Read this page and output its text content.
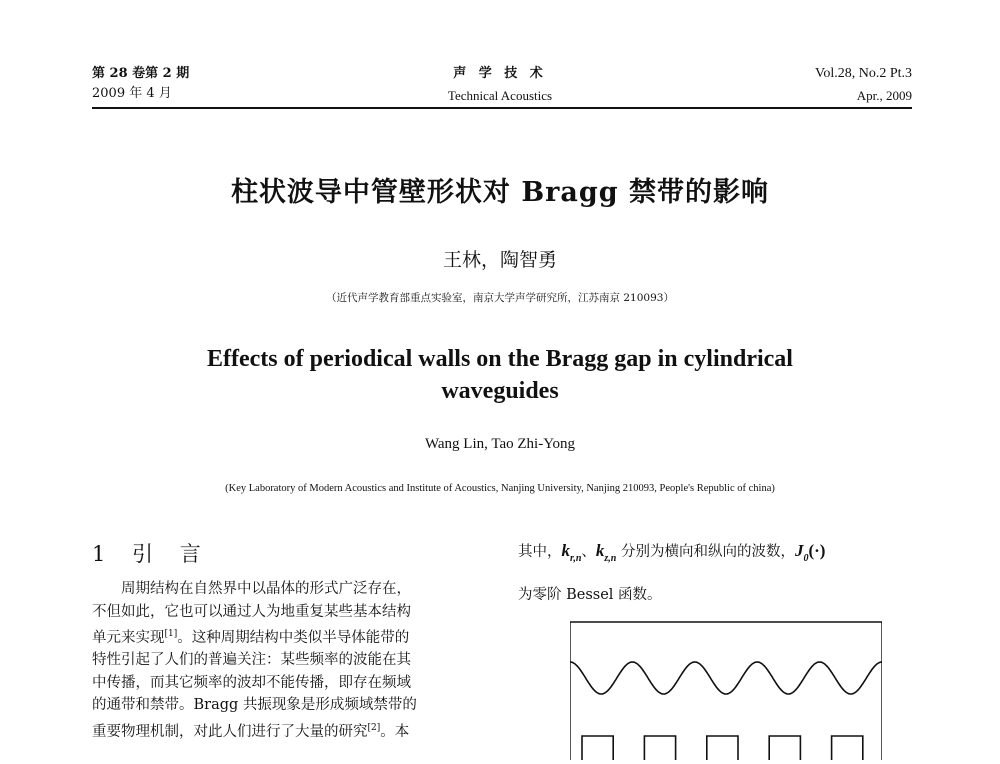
第 28 卷第 2 期
2009 年 4 月
声 学 技 术
Technical Acoustics
Vol.28, No.2 Pt.3
Apr., 2009
柱状波导中管壁形状对 Bragg 禁带的影响
王林，陶智勇
（近代声学教育部重点实验室，南京大学声学研究所，江苏南京 210093）
Effects of periodical walls on the Bragg gap in cylindrical
waveguides
Wang Lin, Tao Zhi-Yong
(Key Laboratory of Modern Acoustics and Institute of Acoustics, Nanjing University, Nanjing 210093, People's Republic of china)
1 引 言
　　周期结构在自然界中以晶体的形式广泛存在，
不但如此，它也可以通过人为地重复某些基本结构
单元来实现[1]。这种周期结构中类似半导体能带的
特性引起了人们的普遍关注：某些频率的波能在其
中传播，而其它频率的波却不能传播，即存在频域
的通带和禁带。Bragg 共振现象是形成频域禁带的
重要物理机制，对此人们进行了大量的研究[2]。本

其中，$k_{r,n}$、$k_{z,n}$ 分别为横向和纵向的波数，$J_0(\cdot)$

为零阶 Bessel 函数。
